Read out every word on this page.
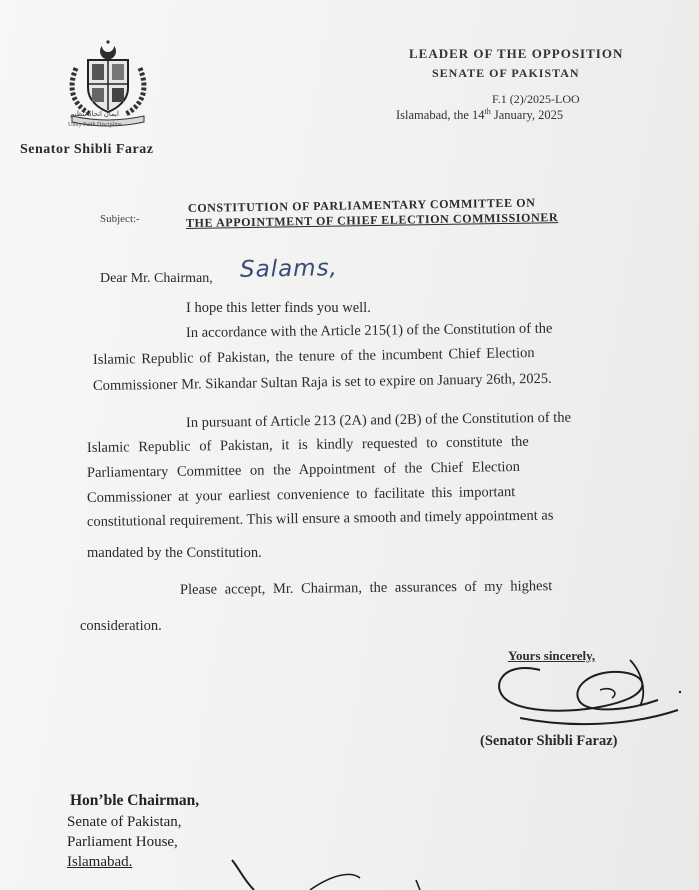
ایمان اتحاد تنظیم
Unity Faith Discipline
Senator Shibli Faraz
LEADER OF THE OPPOSITION
SENATE OF PAKISTAN
F.1 (2)/2025-LOO
Islamabad, the 14th January, 2025
Subject:-
CONSTITUTION OF PARLIAMENTARY COMMITTEE ON
THE APPOINTMENT OF CHIEF ELECTION COMMISSIONER
Dear Mr. Chairman, Salams,
I hope this letter finds you well.
In accordance with the Article 215(1) of the Constitution of the
Islamic Republic of Pakistan, the tenure of the incumbent Chief Election
Commissioner Mr. Sikandar Sultan Raja is set to expire on January 26th, 2025.
In pursuant of Article 213 (2A) and (2B) of the Constitution of the
Islamic Republic of Pakistan, it is kindly requested to constitute the
Parliamentary Committee on the Appointment of the Chief Election
Commissioner at your earliest convenience to facilitate this important
constitutional requirement. This will ensure a smooth and timely appointment as
mandated by the Constitution.
Please accept, Mr. Chairman, the assurances of my highest
consideration.
Yours sincerely,
(Senator Shibli Faraz)
Hon’ble Chairman,
Senate of Pakistan,
Parliament House,
Islamabad.
